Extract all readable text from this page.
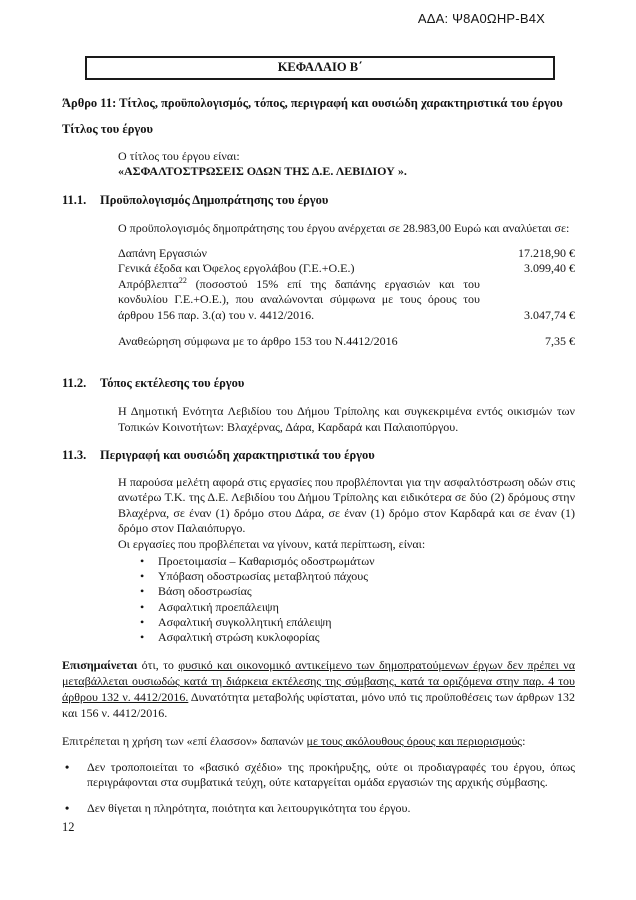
ΑΔΑ: Ψ8Α0ΩΗΡ-Β4Χ
ΚΕΦΑΛΑΙΟ Β΄
Άρθρο 11: Τίτλος, προϋπολογισμός, τόπος, περιγραφή και ουσιώδη χαρακτηριστικά του έργου
Τίτλος του έργου
Ο τίτλος του έργου είναι:
«ΑΣΦΑΛΤΟΣΤΡΩΣΕΙΣ ΟΔΩΝ ΤΗΣ Δ.Ε. ΛΕΒΙΔΙΟΥ ».
11.1.	Προϋπολογισμός Δημοπράτησης του έργου
Ο προϋπολογισμός δημοπράτησης του έργου ανέρχεται σε 28.983,00 Ευρώ και αναλύεται σε:
Δαπάνη Εργασιών	17.218,90 €
Γενικά έξοδα και Όφελος εργολάβου (Γ.Ε.+Ο.Ε.)	3.099,40 €
Απρόβλεπτα$^{22}$ (ποσοστού 15% επί της δαπάνης εργασιών και του κονδυλίου Γ.Ε.+Ο.Ε.), που αναλώνονται σύμφωνα με τους όρους του άρθρου 156 παρ. 3.(α) του ν. 4412/2016.	3.047,74 €
Αναθεώρηση σύμφωνα με το άρθρο 153 του Ν.4412/2016	7,35 €
11.2.	Τόπος εκτέλεσης του έργου
Η Δημοτική Ενότητα Λεβιδίου του Δήμου Τρίπολης και συγκεκριμένα εντός οικισμών των Τοπικών Κοινοτήτων: Βλαχέρνας, Δάρα, Καρδαρά και Παλαιοπύργου.
11.3.	Περιγραφή και ουσιώδη χαρακτηριστικά του έργου
Η παρούσα μελέτη αφορά στις εργασίες που προβλέπονται για την ασφαλτόστρωση οδών στις ανωτέρω Τ.Κ. της Δ.Ε. Λεβιδίου του Δήμου Τρίπολης και ειδικότερα σε δύο (2) δρόμους στην Βλαχέρνα, σε έναν (1) δρόμο στου Δάρα, σε έναν (1) δρόμο στον Καρδαρά και σε έναν (1) δρόμο στον Παλαιόπυργο.
Οι εργασίες που προβλέπεται να γίνουν, κατά περίπτωση, είναι:
•
Προετοιμασία – Καθαρισμός οδοστρωμάτων
•
Υπόβαση οδοστρωσίας μεταβλητού πάχους
•
Βάση οδοστρωσίας
•
Ασφαλτική προεπάλειψη
•
Ασφαλτική συγκολλητική επάλειψη
•
Ασφαλτική στρώση κυκλοφορίας
Επισημαίνεται ότι, το φυσικό και οικονομικό αντικείμενο των δημοπρατούμενων έργων δεν πρέπει να μεταβάλλεται ουσιωδώς κατά τη διάρκεια εκτέλεσης της σύμβασης, κατά τα οριζόμενα στην παρ. 4 του άρθρου 132 ν. 4412/2016. Δυνατότητα μεταβολής υφίσταται, μόνο υπό τις προϋποθέσεις των άρθρων 132 και 156 ν. 4412/2016.
Επιτρέπεται η χρήση των «επί έλασσον» δαπανών με τους ακόλουθους όρους και περιορισμούς:
•
Δεν τροποποιείται το «βασικό σχέδιο» της προκήρυξης, ούτε οι προδιαγραφές του έργου, όπως περιγράφονται στα συμβατικά τεύχη, ούτε καταργείται ομάδα εργασιών της αρχικής σύμβασης.
•
Δεν θίγεται η πληρότητα, ποιότητα και λειτουργικότητα του έργου.
12
